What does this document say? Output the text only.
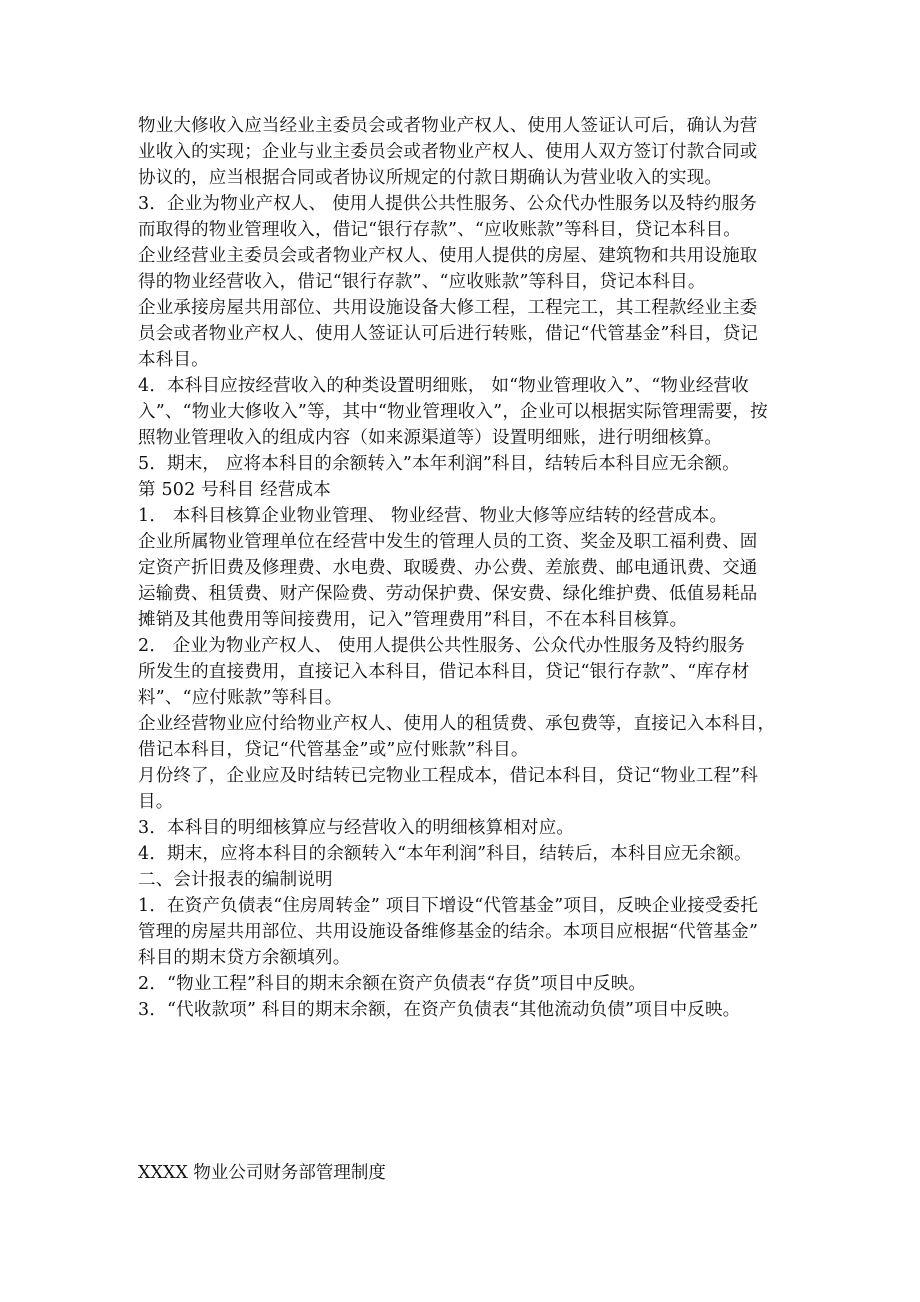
物业大修收入应当经业主委员会或者物业产权人、使用人签证认可后，确认为营
业收入的实现；企业与业主委员会或者物业产权人、使用人双方签订付款合同或
协议的，应当根据合同或者协议所规定的付款日期确认为营业收入的实现。
3．企业为物业产权人、 使用人提供公共性服务、公众代办性服务以及特约服务
而取得的物业管理收入，借记“银行存款”、“应收账款”等科目，贷记本科目。
企业经营业主委员会或者物业产权人、使用人提供的房屋、建筑物和共用设施取
得的物业经营收入，借记“银行存款”、“应收账款”等科目，贷记本科目。
企业承接房屋共用部位、共用设施设备大修工程，工程完工，其工程款经业主委
员会或者物业产权人、使用人签证认可后进行转账，借记“代管基金”科目，贷记
本科目。
4．本科目应按经营收入的种类设置明细账， 如“物业管理收入”、“物业经营收
入”、“物业大修收入”等，其中“物业管理收入”，企业可以根据实际管理需要，按
照物业管理收入的组成内容（如来源渠道等）设置明细账，进行明细核算。
5．期末， 应将本科目的余额转入”本年利润”科目，结转后本科目应无余额。
第 502 号科目 经营成本
1． 本科目核算企业物业管理、 物业经营、物业大修等应结转的经营成本。
企业所属物业管理单位在经营中发生的管理人员的工资、奖金及职工福利费、固
定资产折旧费及修理费、水电费、取暖费、办公费、差旅费、邮电通讯费、交通
运输费、租赁费、财产保险费、劳动保护费、保安费、绿化维护费、低值易耗品
摊销及其他费用等间接费用，记入”管理费用”科目，不在本科目核算。
2． 企业为物业产权人、 使用人提供公共性服务、公众代办性服务及特约服务
所发生的直接费用，直接记入本科目，借记本科目，贷记“银行存款”、“库存材
料”、“应付账款”等科目。
企业经营物业应付给物业产权人、使用人的租赁费、承包费等，直接记入本科目，
借记本科目，贷记“代管基金”或”应付账款”科目。
月份终了，企业应及时结转已完物业工程成本，借记本科目，贷记“物业工程”科
目。
3．本科目的明细核算应与经营收入的明细核算相对应。
4．期末，应将本科目的余额转入“本年利润”科目，结转后，本科目应无余额。
二、会计报表的编制说明
1．在资产负债表“住房周转金” 项目下增设“代管基金”项目，反映企业接受委托
管理的房屋共用部位、共用设施设备维修基金的结余。本项目应根据“代管基金”
科目的期末贷方余额填列。
2．“物业工程”科目的期末余额在资产负债表“存货”项目中反映。
3．“代收款项” 科目的期末余额，在资产负债表“其他流动负债”项目中反映。
XXXX 物业公司财务部管理制度
